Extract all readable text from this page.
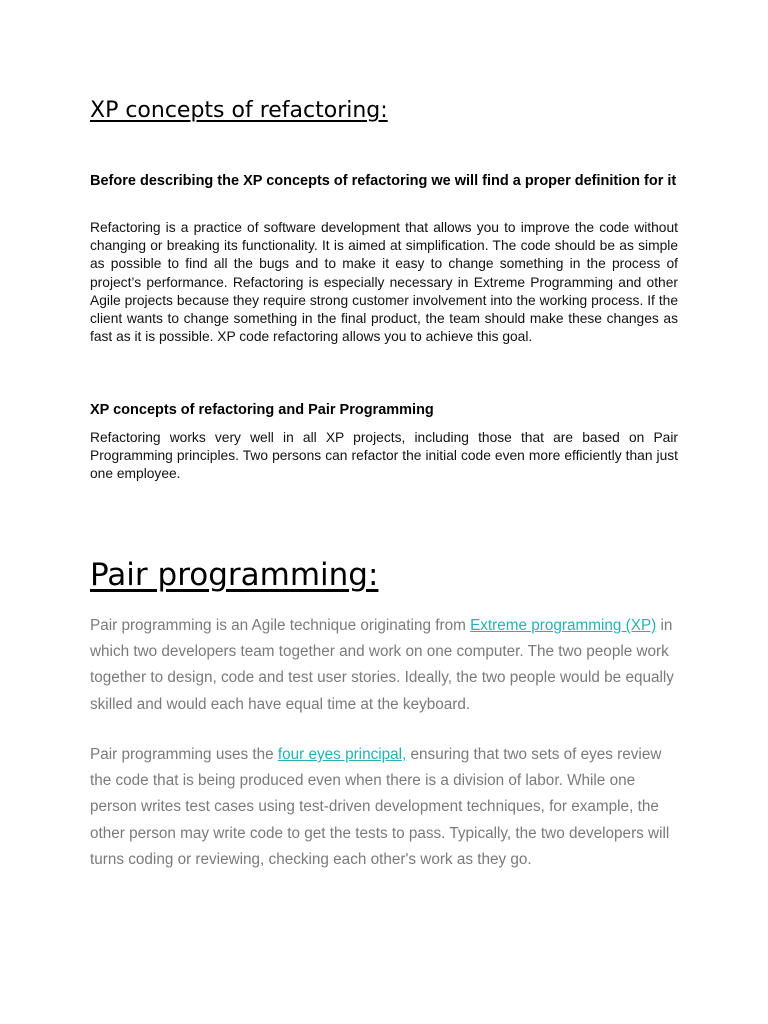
XP concepts of refactoring:

Before describing the XP concepts of refactoring we will find a proper definition for it

Refactoring is a practice of software development that allows you to improve the code without changing or breaking its functionality. It is aimed at simplification. The code should be as simple as possible to find all the bugs and to make it easy to change something in the process of project’s performance. Refactoring is especially necessary in Extreme Programming and other Agile projects because they require strong customer involvement into the working process. If the client wants to change something in the final product, the team should make these changes as fast as it is possible. XP code refactoring allows you to achieve this goal.

XP concepts of refactoring and Pair Programming

Refactoring works very well in all XP projects, including those that are based on Pair Programming principles. Two persons can refactor the initial code even more efficiently than just one employee.

Pair programming:

Pair programming is an Agile technique originating from Extreme programming (XP) in which two developers team together and work on one computer. The two people work together to design, code and test user stories. Ideally, the two people would be equally skilled and would each have equal time at the keyboard.

Pair programming uses the four eyes principal, ensuring that two sets of eyes review the code that is being produced even when there is a division of labor. While one person writes test cases using test-driven development techniques, for example, the other person may write code to get the tests to pass. Typically, the two developers will turns coding or reviewing, checking each other's work as they go.
